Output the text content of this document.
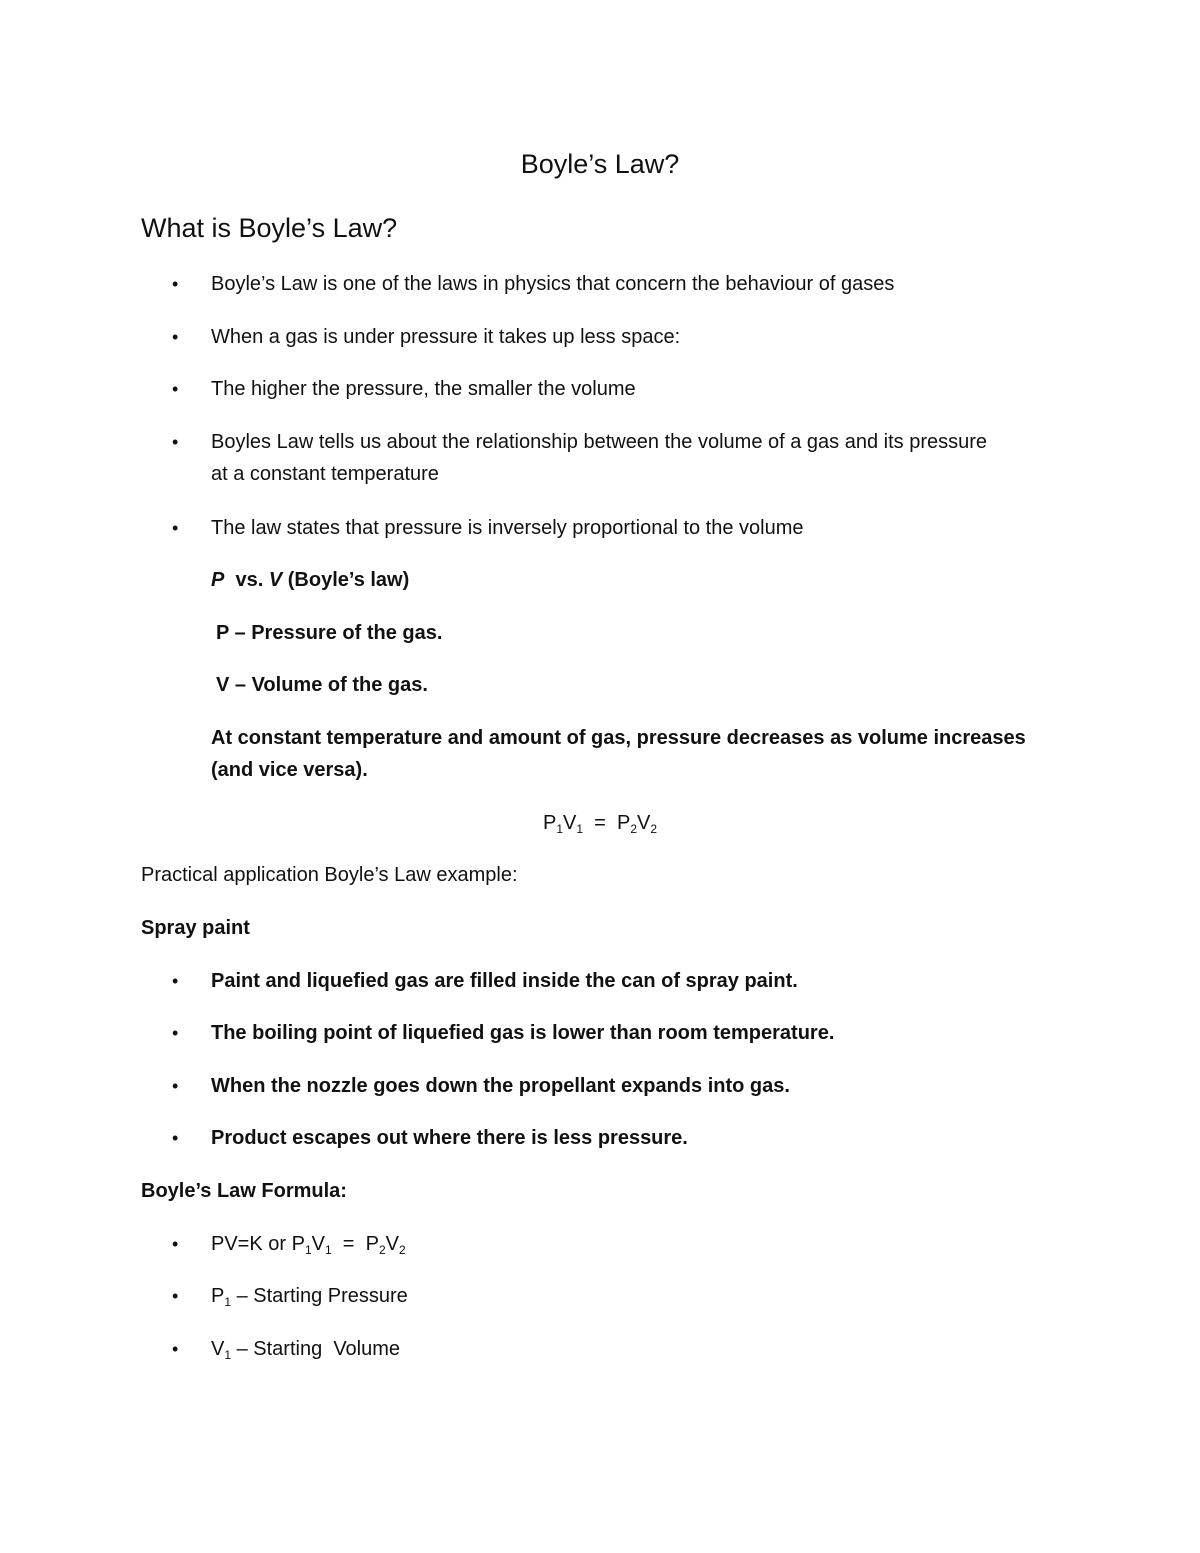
Boyle’s Law?
What is Boyle’s Law?
• Boyle’s Law is one of the laws in physics that concern the behaviour of gases
• When a gas is under pressure it takes up less space:
• The higher the pressure, the smaller the volume
• Boyles Law tells us about the relationship between the volume of a gas and its pressure
at a constant temperature
• The law states that pressure is inversely proportional to the volume
P vs. V (Boyle’s law)
P – Pressure of the gas.
V – Volume of the gas.
At constant temperature and amount of gas, pressure decreases as volume increases
(and vice versa).
$P_1V_1 = P_2V_2$
Practical application Boyle’s Law example:
Spray paint
• Paint and liquefied gas are filled inside the can of spray paint.
• The boiling point of liquefied gas is lower than room temperature.
• When the nozzle goes down the propellant expands into gas.
• Product escapes out where there is less pressure.
Boyle’s Law Formula:
• PV=K or $P_1V_1 = P_2V_2$
• $P_1$ – Starting Pressure
• $V_1$ – Starting  Volume
